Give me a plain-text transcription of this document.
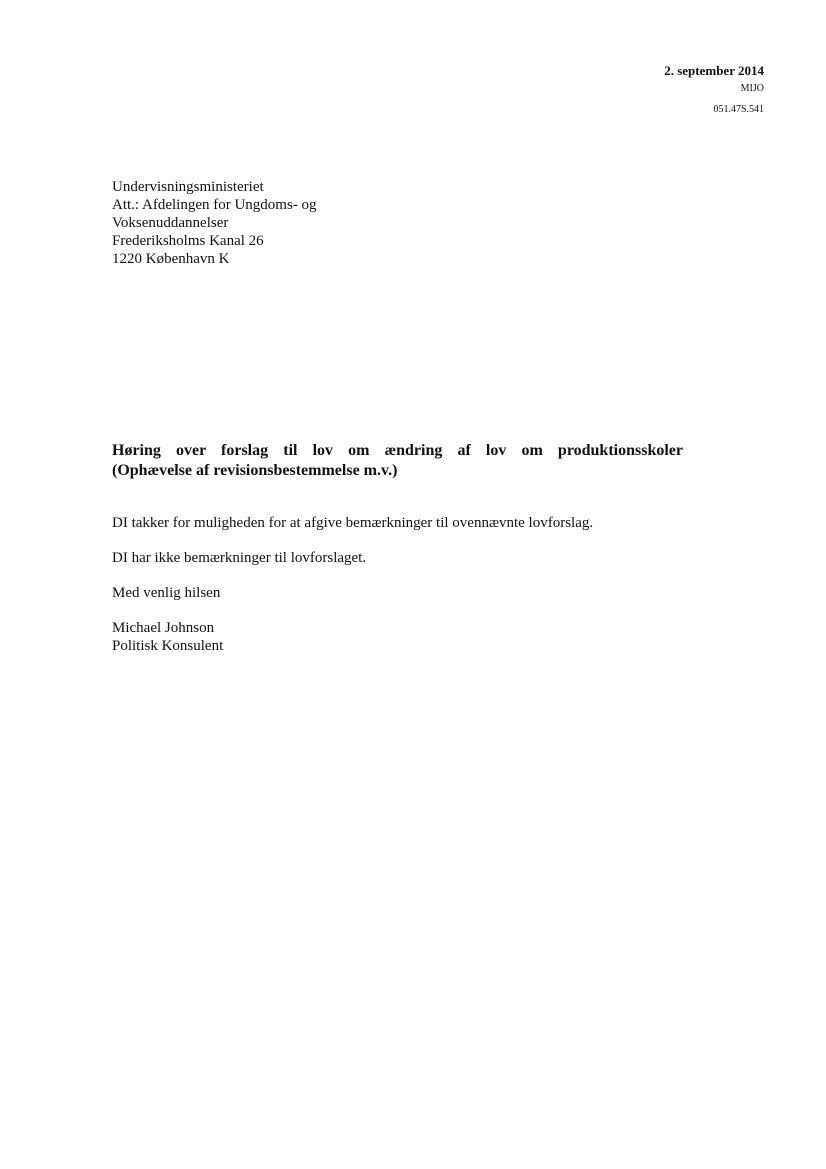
2. september 2014
MIJO
051.47S.541
Undervisningsministeriet
Att.: Afdelingen for Ungdoms- og
Voksenuddannelser
Frederiksholms Kanal 26
1220 København K
Høring over forslag til lov om ændring af lov om produktionsskoler
(Ophævelse af revisionsbestemmelse m.v.)

DI takker for muligheden for at afgive bemærkninger til ovennævnte lovforslag.

DI har ikke bemærkninger til lovforslaget.

Med venlig hilsen

Michael Johnson
Politisk Konsulent
